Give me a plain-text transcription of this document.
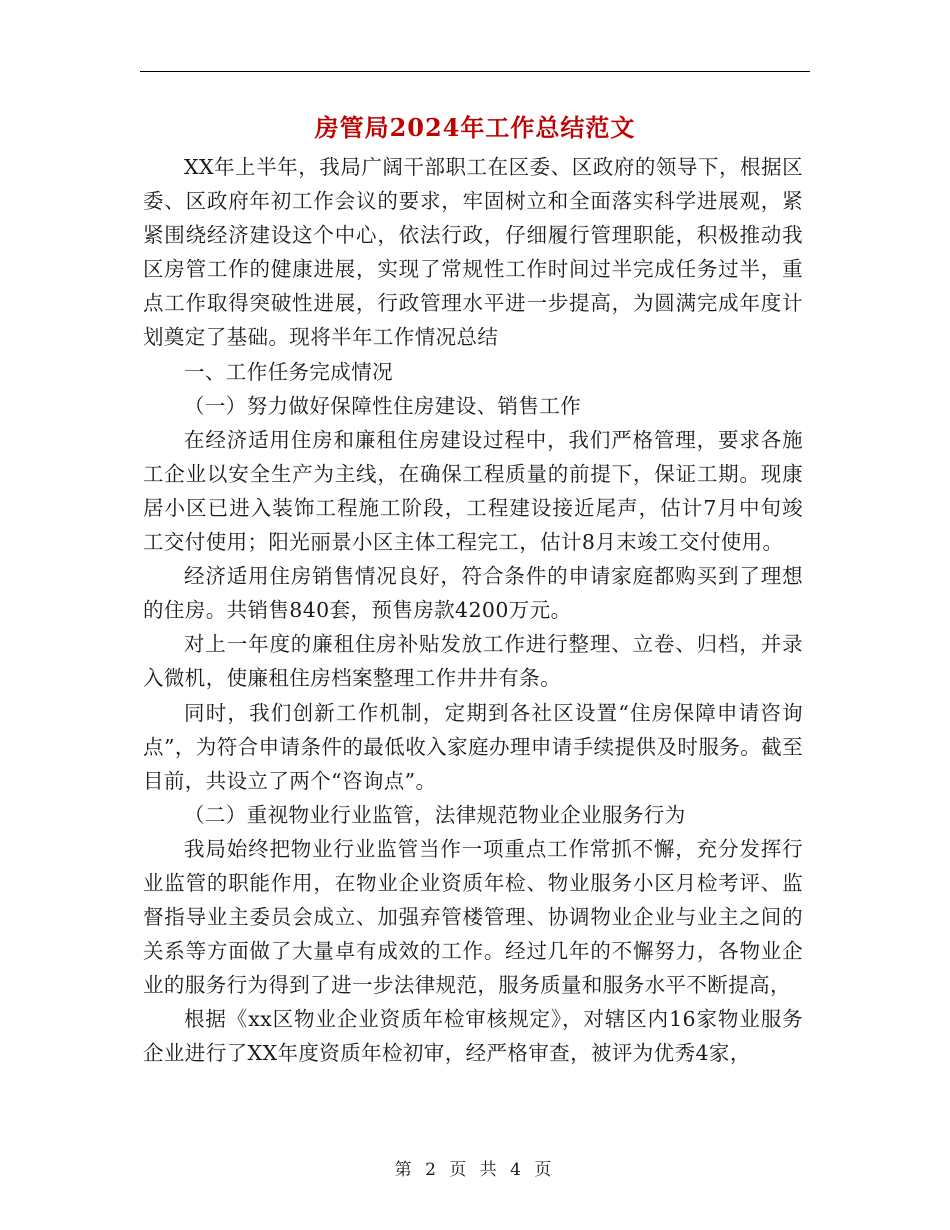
房管局2024年工作总结范文

XX年上半年，我局广阔干部职工在区委、区政府的领导下，根据区委、区政府年初工作会议的要求，牢固树立和全面落实科学进展观，紧紧围绕经济建设这个中心，依法行政，仔细履行管理职能，积极推动我区房管工作的健康进展，实现了常规性工作时间过半完成任务过半，重点工作取得突破性进展，行政管理水平进一步提高，为圆满完成年度计划奠定了基础。现将半年工作情况总结

一、工作任务完成情况

（一）努力做好保障性住房建设、销售工作

在经济适用住房和廉租住房建设过程中，我们严格管理，要求各施工企业以安全生产为主线，在确保工程质量的前提下，保证工期。现康居小区已进入装饰工程施工阶段，工程建设接近尾声，估计7月中旬竣工交付使用；阳光丽景小区主体工程完工，估计8月末竣工交付使用。

经济适用住房销售情况良好，符合条件的申请家庭都购买到了理想的住房。共销售840套，预售房款4200万元。

对上一年度的廉租住房补贴发放工作进行整理、立卷、归档，并录入微机，使廉租住房档案整理工作井井有条。

同时，我们创新工作机制，定期到各社区设置“住房保障申请咨询点”，为符合申请条件的最低收入家庭办理申请手续提供及时服务。截至目前，共设立了两个“咨询点”。

（二）重视物业行业监管，法律规范物业企业服务行为

我局始终把物业行业监管当作一项重点工作常抓不懈，充分发挥行业监管的职能作用，在物业企业资质年检、物业服务小区月检考评、监督指导业主委员会成立、加强弃管楼管理、协调物业企业与业主之间的关系等方面做了大量卓有成效的工作。经过几年的不懈努力，各物业企业的服务行为得到了进一步法律规范，服务质量和服务水平不断提高，

根据《xx区物业企业资质年检审核规定》，对辖区内16家物业服务企业进行了XX年度资质年检初审，经严格审查，被评为优秀4家，

第 2 页 共 4 页
